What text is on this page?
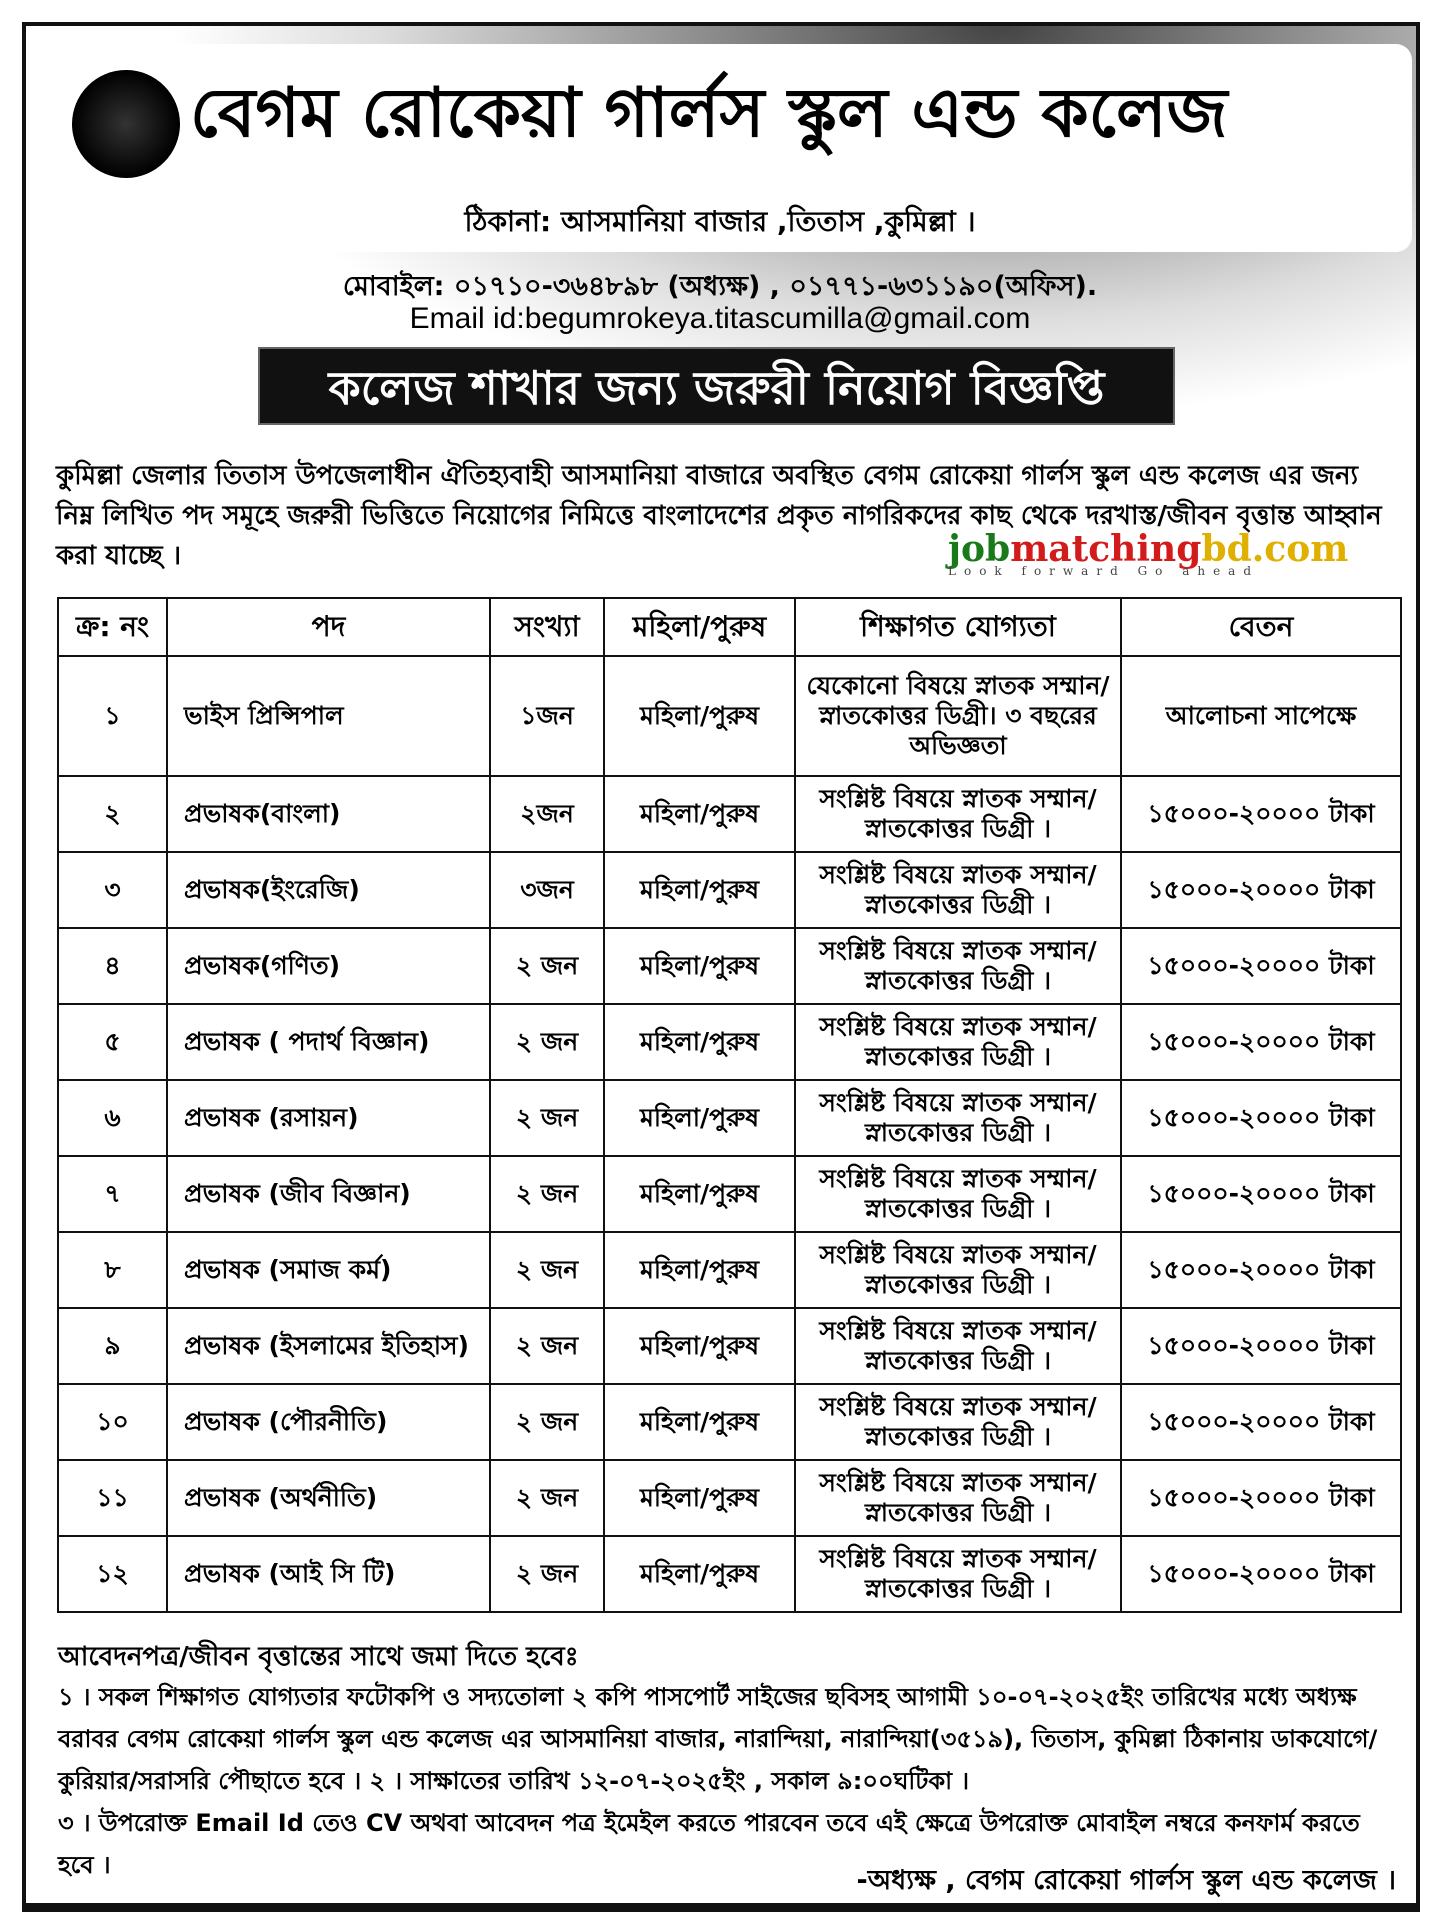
বেগম রোকেয়া গার্লস স্কুল এন্ড কলেজ
ঠিকানা: আসমানিয়া বাজার ,তিতাস ,কুমিল্লা ।
মোবাইল: ০১৭১০-৩৬৪৮৯৮ (অধ্যক্ষ) , ০১৭৭১-৬৩১১৯০(অফিস).
Email id:begumrokeya.titascumilla@gmail.com
কলেজ শাখার জন্য জরুরী নিয়োগ বিজ্ঞপ্তি
কুমিল্লা জেলার তিতাস উপজেলাধীন ঐতিহ্যবাহী আসমানিয়া বাজারে অবস্থিত বেগম রোকেয়া গার্লস স্কুল এন্ড কলেজ এর জন্য নিম্ন লিখিত পদ সমূহে জরুরী ভিত্তিতে নিয়োগের নিমিত্তে বাংলাদেশের প্রকৃত নাগরিকদের কাছ থেকে দরখাস্ত/জীবন বৃত্তান্ত আহ্বান করা যাচ্ছে ।	jobmatchingbd.com
Look forward Go ahead
ক্র: নং	পদ	সংখ্যা	মহিলা/পুরুষ	শিক্ষাগত যোগ্যতা	বেতন
১	ভাইস প্রিন্সিপাল	১জন	মহিলা/পুরুষ	যেকোনো বিষয়ে স্নাতক সম্মান/ স্নাতকোত্তর ডিগ্রী। ৩ বছরের অভিজ্ঞতা	আলোচনা সাপেক্ষে
২	প্রভাষক(বাংলা)	২জন	মহিলা/পুরুষ	সংশ্লিষ্ট বিষয়ে স্নাতক সম্মান/ স্নাতকোত্তর ডিগ্রী ।	১৫০০০-২০০০০ টাকা
৩	প্রভাষক(ইংরেজি)	৩জন	মহিলা/পুরুষ	সংশ্লিষ্ট বিষয়ে স্নাতক সম্মান/ স্নাতকোত্তর ডিগ্রী ।	১৫০০০-২০০০০ টাকা
৪	প্রভাষক(গণিত)	২ জন	মহিলা/পুরুষ	সংশ্লিষ্ট বিষয়ে স্নাতক সম্মান/ স্নাতকোত্তর ডিগ্রী ।	১৫০০০-২০০০০ টাকা
৫	প্রভাষক ( পদার্থ বিজ্ঞান)	২ জন	মহিলা/পুরুষ	সংশ্লিষ্ট বিষয়ে স্নাতক সম্মান/ স্নাতকোত্তর ডিগ্রী ।	১৫০০০-২০০০০ টাকা
৬	প্রভাষক (রসায়ন)	২ জন	মহিলা/পুরুষ	সংশ্লিষ্ট বিষয়ে স্নাতক সম্মান/ স্নাতকোত্তর ডিগ্রী ।	১৫০০০-২০০০০ টাকা
৭	প্রভাষক (জীব বিজ্ঞান)	২ জন	মহিলা/পুরুষ	সংশ্লিষ্ট বিষয়ে স্নাতক সম্মান/ স্নাতকোত্তর ডিগ্রী ।	১৫০০০-২০০০০ টাকা
৮	প্রভাষক (সমাজ কর্ম)	২ জন	মহিলা/পুরুষ	সংশ্লিষ্ট বিষয়ে স্নাতক সম্মান/ স্নাতকোত্তর ডিগ্রী ।	১৫০০০-২০০০০ টাকা
৯	প্রভাষক (ইসলামের ইতিহাস)	২ জন	মহিলা/পুরুষ	সংশ্লিষ্ট বিষয়ে স্নাতক সম্মান/ স্নাতকোত্তর ডিগ্রী ।	১৫০০০-২০০০০ টাকা
১০	প্রভাষক (পৌরনীতি)	২ জন	মহিলা/পুরুষ	সংশ্লিষ্ট বিষয়ে স্নাতক সম্মান/ স্নাতকোত্তর ডিগ্রী ।	১৫০০০-২০০০০ টাকা
১১	প্রভাষক (অর্থনীতি)	২ জন	মহিলা/পুরুষ	সংশ্লিষ্ট বিষয়ে স্নাতক সম্মান/ স্নাতকোত্তর ডিগ্রী ।	১৫০০০-২০০০০ টাকা
১২	প্রভাষক (আই সি টি)	২ জন	মহিলা/পুরুষ	সংশ্লিষ্ট বিষয়ে স্নাতক সম্মান/ স্নাতকোত্তর ডিগ্রী ।	১৫০০০-২০০০০ টাকা
আবেদনপত্র/জীবন বৃত্তান্তের সাথে জমা দিতে হবেঃ

১ । সকল শিক্ষাগত যোগ্যতার ফটোকপি ও সদ্যতোলা ২ কপি পাসপোর্ট সাইজের ছবিসহ আগামী ১০-০৭-২০২৫ইং তারিখের মধ্যে অধ্যক্ষ বরাবর বেগম রোকেয়া গার্লস স্কুল এন্ড কলেজ এর আসমানিয়া বাজার, নারান্দিয়া, নারান্দিয়া(৩৫১৯), তিতাস, কুমিল্লা ঠিকানায় ডাকযোগে/কুরিয়ার/সরাসরি পৌছাতে হবে । ২ । সাক্ষাতের তারিখ ১২-০৭-২০২৫ইং , সকাল ৯:০০ঘটিকা ।

৩ । উপরোক্ত Email Id তেও CV অথবা আবেদন পত্র ইমেইল করতে পারবেন তবে এই ক্ষেত্রে উপরোক্ত মোবাইল নম্বরে কনফার্ম করতে হবে ।	-অধ্যক্ষ , বেগম রোকেয়া গার্লস স্কুল এন্ড কলেজ ।
